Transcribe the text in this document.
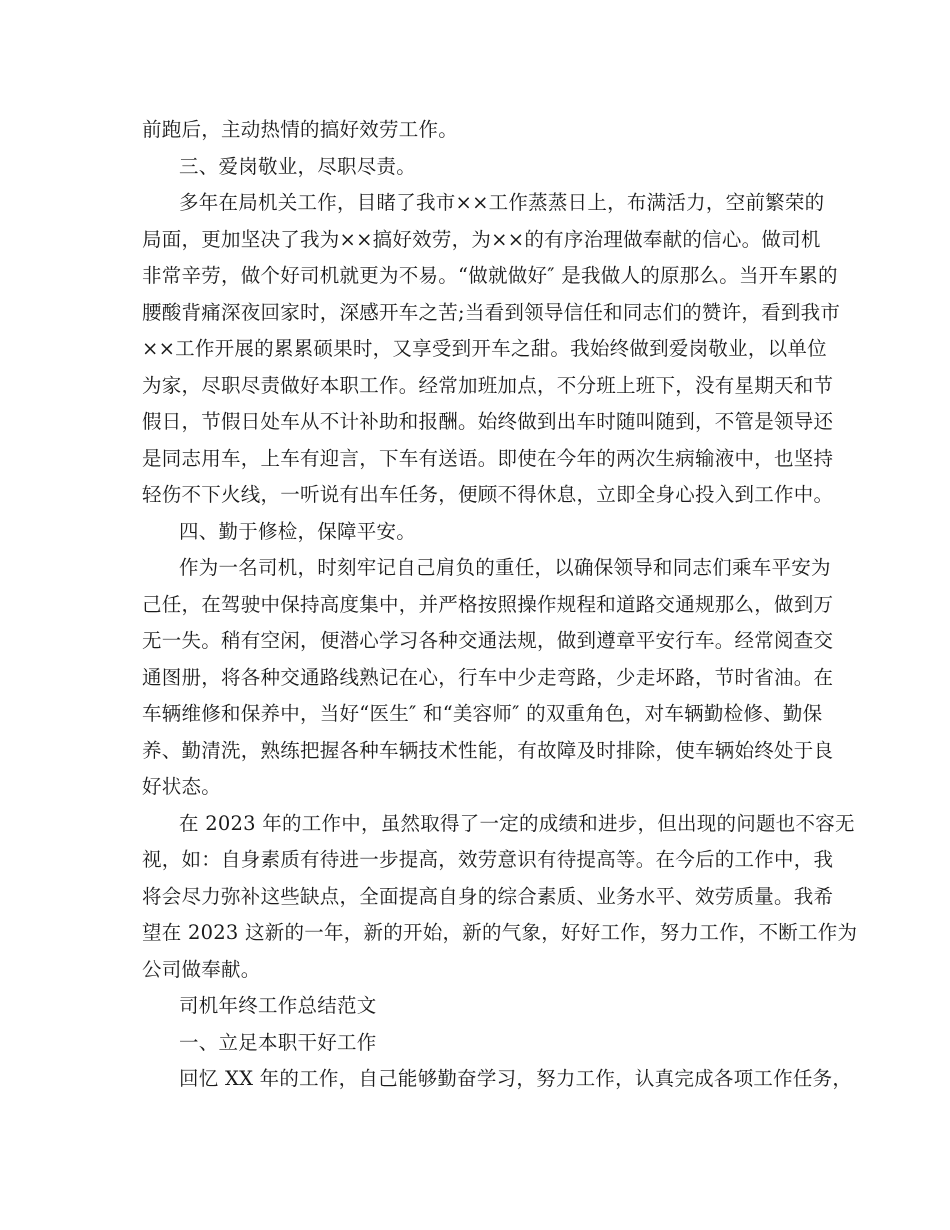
前跑后，主动热情的搞好效劳工作。
三、爱岗敬业，尽职尽责。
多年在局机关工作，目睹了我市××工作蒸蒸日上，布满活力，空前繁荣的
局面，更加坚决了我为××搞好效劳，为××的有序治理做奉献的信心。做司机
非常辛劳，做个好司机就更为不易。“做就做好″ 是我做人的原那么。当开车累的
腰酸背痛深夜回家时，深感开车之苦;当看到领导信任和同志们的赞许，看到我市
××工作开展的累累硕果时，又享受到开车之甜。我始终做到爱岗敬业，以单位
为家，尽职尽责做好本职工作。经常加班加点，不分班上班下，没有星期天和节
假日，节假日处车从不计补助和报酬。始终做到出车时随叫随到，不管是领导还
是同志用车，上车有迎言，下车有送语。即使在今年的两次生病输液中，也坚持
轻伤不下火线，一听说有出车任务，便顾不得休息，立即全身心投入到工作中。
四、勤于修检，保障平安。
作为一名司机，时刻牢记自己肩负的重任，以确保领导和同志们乘车平安为
己任，在驾驶中保持高度集中，并严格按照操作规程和道路交通规那么，做到万
无一失。稍有空闲，便潜心学习各种交通法规，做到遵章平安行车。经常阅查交
通图册，将各种交通路线熟记在心，行车中少走弯路，少走坏路，节时省油。在
车辆维修和保养中，当好“医生″ 和“美容师″ 的双重角色，对车辆勤检修、勤保
养、勤清洗，熟练把握各种车辆技术性能，有故障及时排除，使车辆始终处于良
好状态。
在 2023 年的工作中，虽然取得了一定的成绩和进步，但出现的问题也不容无
视，如：自身素质有待进一步提高，效劳意识有待提高等。在今后的工作中，我
将会尽力弥补这些缺点，全面提高自身的综合素质、业务水平、效劳质量。我希
望在 2023 这新的一年，新的开始，新的气象，好好工作，努力工作，不断工作为
公司做奉献。
司机年终工作总结范文
一、立足本职干好工作
回忆 XX 年的工作，自己能够勤奋学习，努力工作，认真完成各项工作任务，
